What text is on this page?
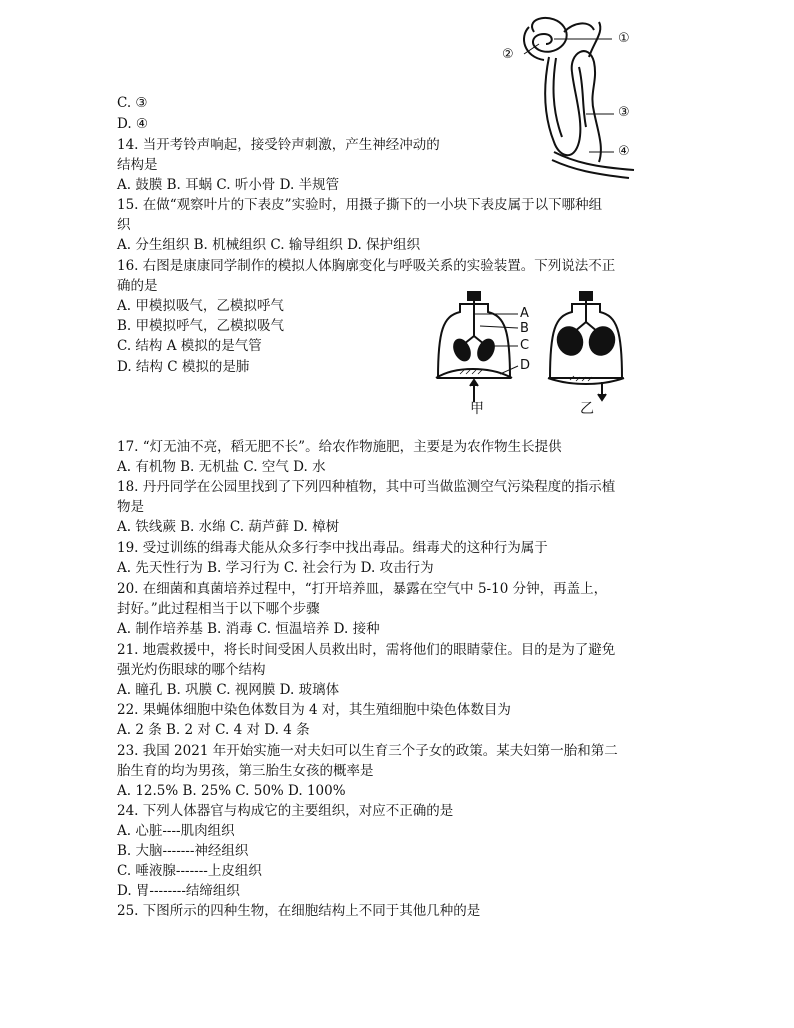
C. ③
D. ④
14. 当开考铃声响起，接受铃声刺激，产生神经冲动的
结构是
A. 鼓膜 B. 耳蜗 C. 听小骨 D. 半规管
15. 在做“观察叶片的下表皮”实验时，用摄子撕下的一小块下表皮属于以下哪种组
织
A. 分生组织 B. 机械组织 C. 输导组织 D. 保护组织
16. 右图是康康同学制作的模拟人体胸廓变化与呼吸关系的实验装置。下列说法不正
确的是
A. 甲模拟吸气，乙模拟呼气
B. 甲模拟呼气，乙模拟吸气
C. 结构 A 模拟的是气管
D. 结构 C 模拟的是肺
17. “灯无油不亮，稻无肥不长”。给农作物施肥，主要是为农作物生长提供
A. 有机物 B. 无机盐 C. 空气 D. 水
18. 丹丹同学在公园里找到了下列四种植物，其中可当做监测空气污染程度的指示植
物是
A. 铁线蕨 B. 水绵 C. 葫芦藓 D. 樟树
19. 受过训练的缉毒犬能从众多行李中找出毒品。缉毒犬的这种行为属于
A. 先天性行为 B. 学习行为 C. 社会行为 D. 攻击行为
20. 在细菌和真菌培养过程中，“打开培养皿，暴露在空气中 5-10 分钟，再盖上，
封好。”此过程相当于以下哪个步骤
A. 制作培养基 B. 消毒 C. 恒温培养 D. 接种
21. 地震救援中，将长时间受困人员救出时，需将他们的眼睛蒙住。目的是为了避免
强光灼伤眼球的哪个结构
A. 瞳孔 B. 巩膜 C. 视网膜 D. 玻璃体
22. 果蝇体细胞中染色体数目为 4 对，其生殖细胞中染色体数目为
A. 2 条 B. 2 对 C. 4 对 D. 4 条
23. 我国 2021 年开始实施一对夫妇可以生育三个子女的政策。某夫妇第一胎和第二
胎生育的均为男孩，第三胎生女孩的概率是
A. 12.5% B. 25% C. 50% D. 100%
24. 下列人体器官与构成它的主要组织，对应不正确的是
A. 心脏----肌肉组织
B. 大脑-------神经组织
C. 唾液腺-------上皮组织
D. 胃--------结缔组织
25. 下图所示的四种生物，在细胞结构上不同于其他几种的是
①
②
③
④
A
B
C
D
甲	乙
